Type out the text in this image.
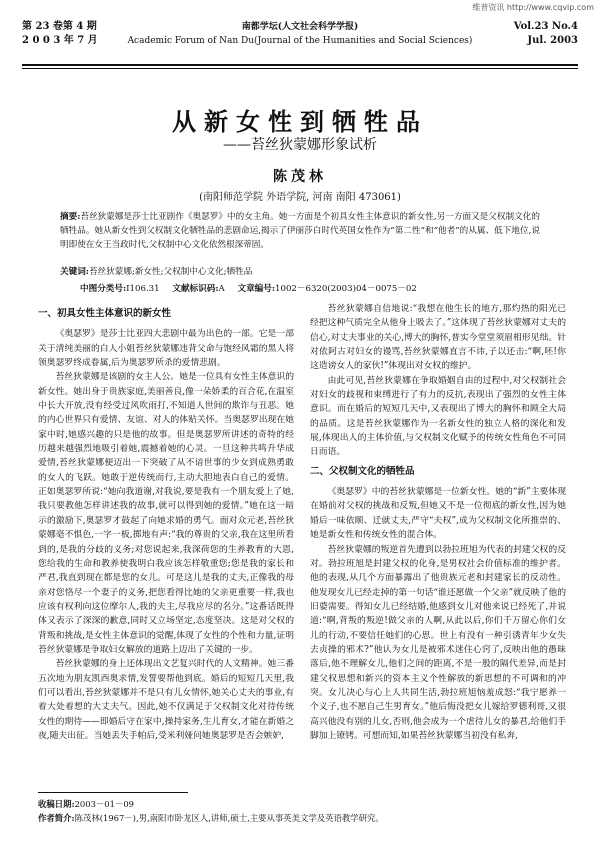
维普资讯 http://www.cqvip.com
第 23 卷第 4 期
2 0 0 3 年 7 月
南都学坛(人文社会科学学报)
Academic Forum of Nan Du(Journal of the Humanities and Social Sciences)
Vol.23 No.4
Jul. 2003
从新女性到牺牲品
——苔丝狄蒙娜形象试析
陈茂林
(南阳师范学院 外语学院, 河南 南阳 473061)
摘要:苔丝狄蒙娜是莎士比亚剧作《奥瑟罗》中的女主角。她一方面是个初具女性主体意识的新女性,另一方面又是父权制文化的牺牲品。她从新女性到父权制文化牺牲品的悲剧命运,揭示了伊丽莎白时代英国女性作为“第二性”和“他者”的从属、低下地位,说明即使在女王当政时代,父权制中心文化依然根深蒂固。
关键词:苔丝狄蒙娜;新女性;父权制中心文化;牺牲品
中图分类号:I106.31 文献标识码:A 文章编号:1002－6320(2003)04－0075－02
一、初具女性主体意识的新女性

《奥瑟罗》是莎士比亚四大悲剧中最为出色的一部。它是一部关于清纯美丽的白人小姐苔丝狄蒙娜违背父命与饱经风霜的黑人将领奥瑟罗终成眷属,后为奥瑟罗所杀的爱情悲剧。

苔丝狄蒙娜是该剧的女主人公。她是一位具有女性主体意识的新女性。她出身于贵族家庭,美丽善良,像一朵娇柔的百合花,在温室中长大开放,没有经受过风吹雨打,不知道人世间的欺诈与丑恶。她的内心世界只有爱情、友谊、对人的体贴关怀。当奥瑟罗出现在她家中时,她感兴趣的只是他的故事。但是奥瑟罗所讲述的奇特的经历越来越强烈地吸引着她,震撼着她的心灵。一旦这种共鸣升华成爱情,苔丝狄蒙娜便迈出一下突破了从不谙世事的少女到成熟勇敢的女人的飞跃。她敢于逆传统而行,主动大胆地表白自己的爱情。正如奥瑟罗所说:“她向我道谢,对我说,要是我有一个朋友爱上了她,我只要教他怎样讲述我的故事,就可以得到她的爱情。”她在这一暗示的激励下,奥瑟罗才鼓起了向她求婚的勇气。面对众元老,苔丝狄蒙娜毫不惧色,一字一板,掷地有声:“我的尊贵的父亲,我在这里所看到的,是我的分歧的义务;对您说起来,我深荷您的生养教育的大恩,您给我的生命和教养使我明白我应该怎样敬重您;您是我的家长和严君,我直到现在都是您的女儿。可是这儿是我的丈夫,正像我的母亲对您恪尽一个妻子的义务,把您看得比她的父亲更重要一样,我也应该有权利向这位摩尔人,我的夫主,尽我应尽的名分。”这番话既得体又表示了深深的歉意,同时又立场坚定,态度坚决。这是对父权的背叛和挑战,是女性主体意识的觉醒,体现了女性的个性和力量,证明苔丝狄蒙娜是争取妇女解放的道路上迈出了关键的一步。

苔丝狄蒙娜的身上还体现出文艺复兴时代的人文精神。她三番五次地为朋友凯西奥求情,发誓要帮他到底。婚后的短短几天里,我们可以看出,苔丝狄蒙娜并不是只有儿女情怀,她关心丈夫的事业,有着大处着想的大丈夫气。因此,她不仅满足于父权制文化对待传统女性的期待——即婚后守在家中,操持家务,生儿育女,才能在新婚之夜,随夫出征。当她丢失手帕后,受米利娅问她奥瑟罗是否会嫉妒,

苔丝狄蒙娜自信地说:“我想在他生长的地方,那灼热的阳光已经把这种气质完全从他身上吸去了。”这体现了苔丝狄蒙娜对丈夫的信心,对丈夫事业的关心,博大的胸怀,普实今堂堂须眉相形见绌。针对依阿古对妇女的谩骂,苔丝狄蒙娜直言不讳,子以还击:“啊,呸!你这造谤女人的家伙!”体现出对女权的维护。

由此可见,苔丝狄蒙娜在争取婚姻自由的过程中,对父权制社会对妇女的歧视和束缚进行了有力的反抗,表现出了强烈的女性主体意识。而在婚后的短短几天中,又表现出了博大的胸怀和顾全大局的品质。这是苔丝狄蒙娜作为一名新女性的独立人格的深化和发展,体现出人的主体价值,与父权制文化赋予的传统女性角色不可同日而语。

二、父权制文化的牺牲品

《奥瑟罗》中的苔丝狄蒙娜是一位新女性。她的“新”主要体现在婚前对父权的挑战和反叛,但她又不是一位彻底的新女性,因为她婚后一味依顺、迁就丈夫,严守“夫权”,成为父权制文化所推崇的、她是新女性和传统女性的混合体。

苔丝狄蒙娜的叛逆首先遭到以勃拉班旭为代表的封建父权的反对。勃拉班旭是封建父权的化身,是男权社会价值标准的维护者。他的表现,从几个方面暴露出了他贵族元老和封建家长的反动性。他发现女儿已经走掉的第一句话“谁还愿做一个父亲”就反映了他的旧婆需要。得知女儿已经结婚,他感到女儿对他来说已经死了,并说道:“啊,背叛的叛逆!做父亲的人啊,从此以后,你们千万留心你们女儿的行动,不要信任她们的心思。世上有没有一种引诱青年少女失去贞操的邪术?”他认为女儿是被邪术迷住心窍了,反映出他的愚昧落后,他不理解女儿,他们之间的距离,不是一般的隔代差异,而是封建父权思想和新兴的资本主义个性解放的新思想的不可调和的冲突。女儿决心与心上人共同生活,勃拉班旭恼羞成怒:“我宁愿养一个义子,也不愿自己生男育女。”他后悔没把女儿嫁给罗德利哥,又很高兴他没有别的儿女,否则,他会成为一个虐待儿女的暴君,给他们手脚加上镣铐。可想而知,如果苔丝狄蒙娜当初没有私奔,

收稿日期:2003－01－09
作者简介:陈茂林(1967－),男,南阳市卧龙区人,讲师,硕士,主要从事英美文学及英语教学研究。
